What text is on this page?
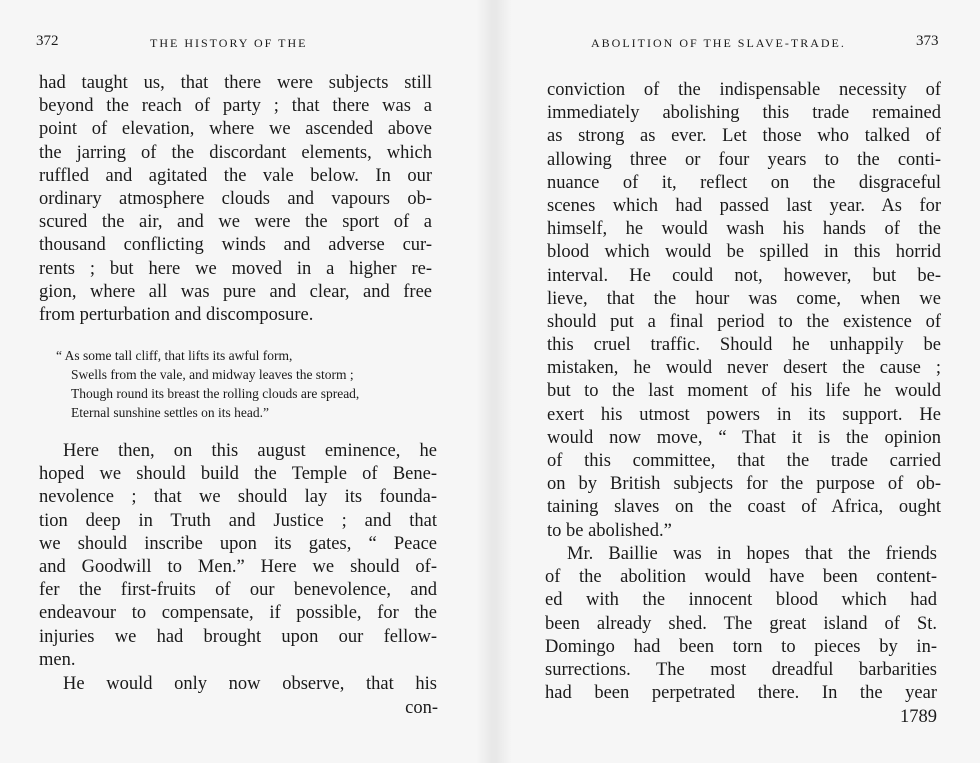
372	THE HISTORY OF THE
had taught us, that there were subjects still
beyond the reach of party ; that there was a
point of elevation, where we ascended above
the jarring of the discordant elements, which
ruffled and agitated the vale below. In our
ordinary atmosphere clouds and vapours ob-
scured the air, and we were the sport of a
thousand conflicting winds and adverse cur-
rents ; but here we moved in a higher re-
gion, where all was pure and clear, and free
from perturbation and discomposure.
“ As some tall cliff, that lifts its awful form,
Swells from the vale, and midway leaves the storm ;
Though round its breast the rolling clouds are spread,
Eternal sunshine settles on its head.”
Here then, on this august eminence, he
hoped we should build the Temple of Bene-
nevolence ; that we should lay its founda-
tion deep in Truth and Justice ; and that
we should inscribe upon its gates, “ Peace
and Goodwill to Men.” Here we should of-
fer the first-fruits of our benevolence, and
endeavour to compensate, if possible, for the
injuries we had brought upon our fellow-
men.
He would only now observe, that his
con-
ABOLITION OF THE SLAVE-TRADE.	373
conviction of the indispensable necessity of
immediately abolishing this trade remained
as strong as ever. Let those who talked of
allowing three or four years to the conti-
nuance of it, reflect on the disgraceful
scenes which had passed last year. As for
himself, he would wash his hands of the
blood which would be spilled in this horrid
interval. He could not, however, but be-
lieve, that the hour was come, when we
should put a final period to the existence of
this cruel traffic. Should he unhappily be
mistaken, he would never desert the cause ;
but to the last moment of his life he would
exert his utmost powers in its support. He
would now move, “ That it is the opinion
of this committee, that the trade carried
on by British subjects for the purpose of ob-
taining slaves on the coast of Africa, ought
to be abolished.”
Mr. Baillie was in hopes that the friends
of the abolition would have been content-
ed with the innocent blood which had
been already shed. The great island of St.
Domingo had been torn to pieces by in-
surrections. The most dreadful barbarities
had been perpetrated there. In the year
1789
